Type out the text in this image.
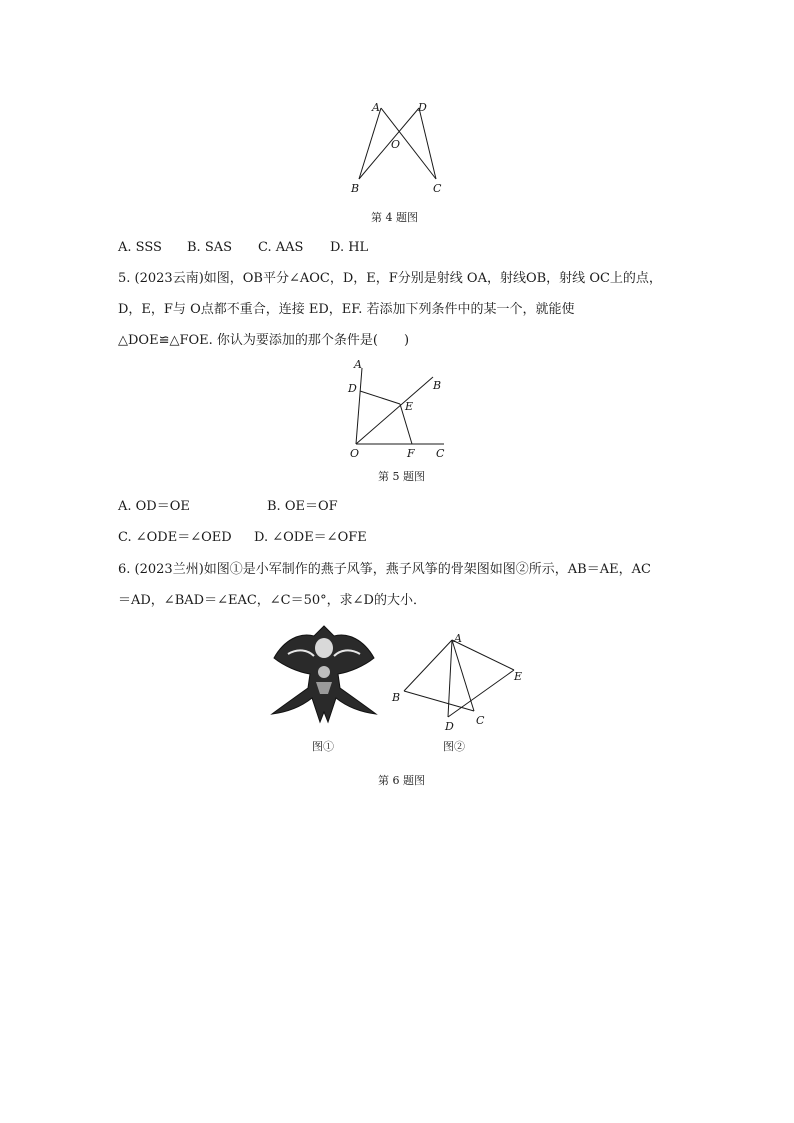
A	D
O
B	C
第 4 题图
A. SSS B. SAS C. AAS D. HL
5. (2023云南)如图，OB平分∠AOC，D，E，F分别是射线 OA，射线OB，射线 OC上的点，
D，E，F与 O点都不重合，连接 ED，EF. 若添加下列条件中的某一个，就能使
△DOE≌△FOE. 你认为要添加的那个条件是(　　)
A
B
D
E
O	F C
第 5 题图
A. OD＝OE	B. OE＝OF
C. ∠ODE＝∠OED D. ∠ODE＝∠OFE
6. (2023兰州)如图①是小军制作的燕子风筝，燕子风筝的骨架图如图②所示，AB＝AE，AC
＝AD，∠BAD＝∠EAC，∠C＝50°，求∠D的大小．
图①
A
B
E
D C
图②
第 6 题图
